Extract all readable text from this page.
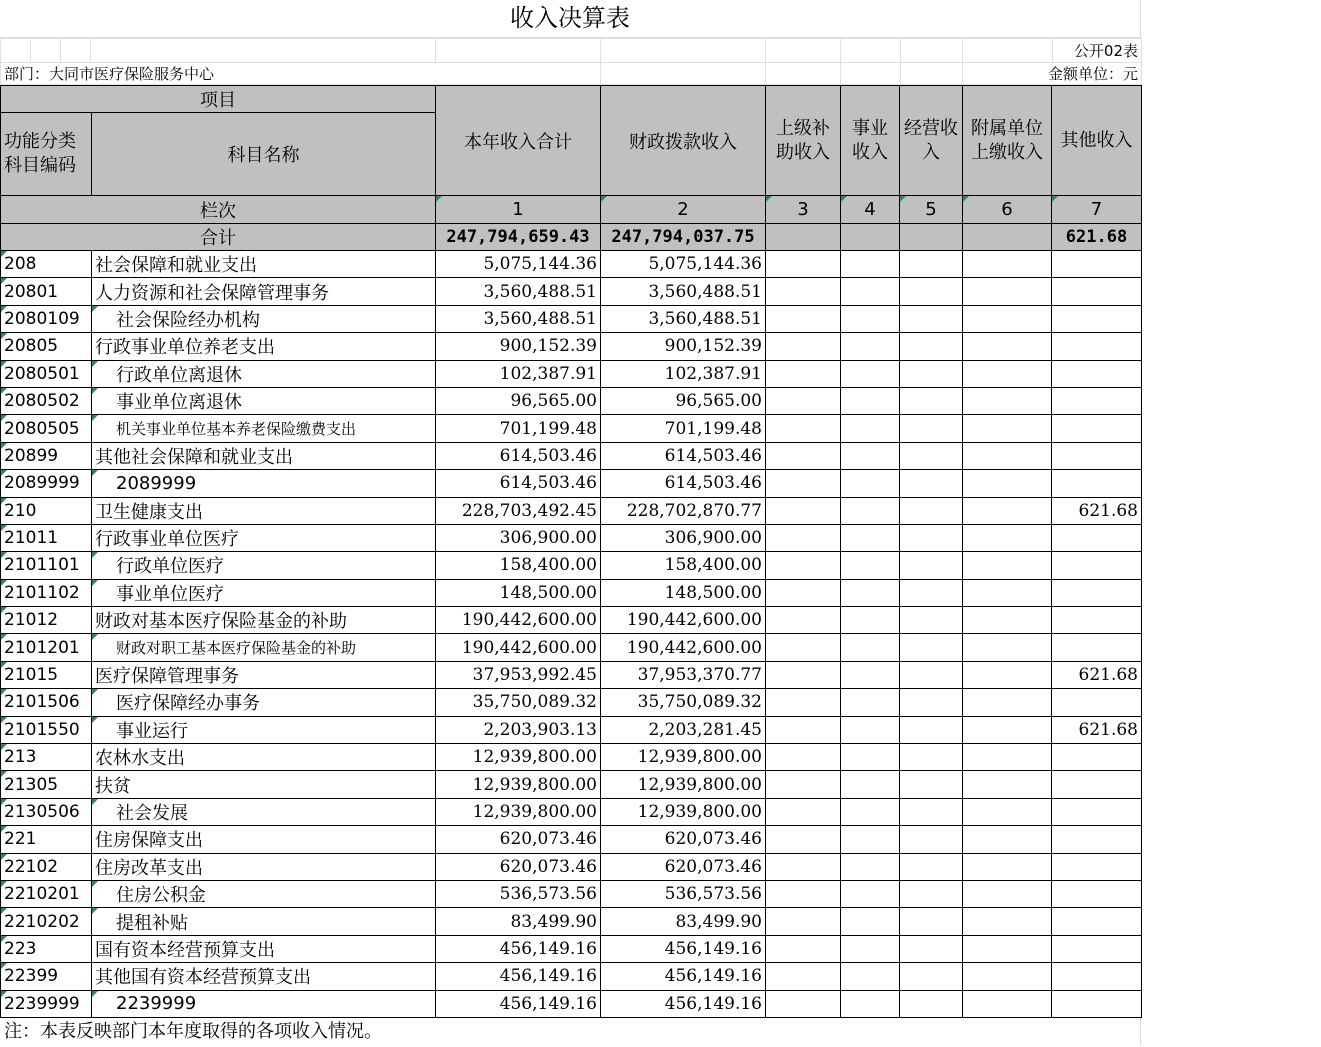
收入决算表
										公开02表
部门：大同市医疗保险服务中心									金额单位：元	
项目		本年收入合计	财政拨款收入	上级补助收入	事业收入	经营收入	附属单位上缴收入	其他收入
功能分类科目编码	科目名称							
栏次		1	2	3	4	5	6	7
合计		247,794,659.43	247,794,037.75					621.68
208	社会保障和就业支出	5,075,144.36	5,075,144.36					
20801	人力资源和社会保障管理事务	3,560,488.51	3,560,488.51					
2080109	社会保险经办机构	3,560,488.51	3,560,488.51					
20805	行政事业单位养老支出	900,152.39	900,152.39					
2080501	行政单位离退休	102,387.91	102,387.91					
2080502	事业单位离退休	96,565.00	96,565.00					
2080505	机关事业单位基本养老保险缴费支出	701,199.48	701,199.48					
20899	其他社会保障和就业支出	614,503.46	614,503.46					
2089999	2089999	614,503.46	614,503.46					
210	卫生健康支出	228,703,492.45	228,702,870.77					621.68
21011	行政事业单位医疗	306,900.00	306,900.00					
2101101	行政单位医疗	158,400.00	158,400.00					
2101102	事业单位医疗	148,500.00	148,500.00					
21012	财政对基本医疗保险基金的补助	190,442,600.00	190,442,600.00					
2101201	财政对职工基本医疗保险基金的补助	190,442,600.00	190,442,600.00					
21015	医疗保障管理事务	37,953,992.45	37,953,370.77					621.68
2101506	医疗保障经办事务	35,750,089.32	35,750,089.32					
2101550	事业运行	2,203,903.13	2,203,281.45					621.68
213	农林水支出	12,939,800.00	12,939,800.00					
21305	扶贫	12,939,800.00	12,939,800.00					
2130506	社会发展	12,939,800.00	12,939,800.00					
221	住房保障支出	620,073.46	620,073.46					
22102	住房改革支出	620,073.46	620,073.46					
2210201	住房公积金	536,573.56	536,573.56					
2210202	提租补贴	83,499.90	83,499.90					
223	国有资本经营预算支出	456,149.16	456,149.16					
22399	其他国有资本经营预算支出	456,149.16	456,149.16					
2239999	2239999	456,149.16	456,149.16					
注：本表反映部门本年度取得的各项收入情况。
